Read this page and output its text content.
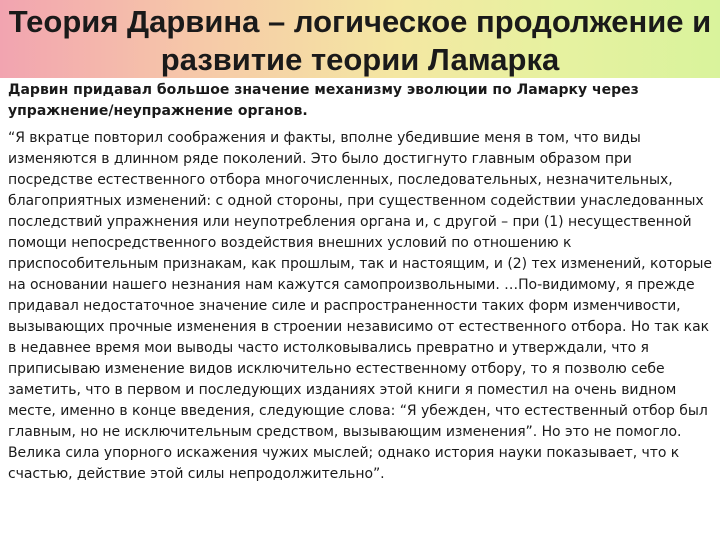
Теория Дарвина – логическое продолжение и развитие теории Ламарка

Дарвин придавал большое значение механизму эволюции по Ламарку через упражнение/неупражнение органов.

“Я вкратце повторил соображения и факты, вполне убедившие меня в том, что виды изменяются в длинном ряде поколений. Это было достигнуто главным образом при посредстве естественного отбора многочисленных, последовательных, незначительных, благоприятных изменений: с одной стороны, при существенном содействии унаследованных последствий упражнения или неупотребления органа и, с другой – при (1) несущественной помощи непосредственного воздействия внешних условий по отношению к приспособительным признакам, как прошлым, так и настоящим, и (2) тех изменений, которые на основании нашего незнания нам кажутся самопроизвольными. …По-видимому, я прежде придавал недостаточное значение силе и распространенности таких форм изменчивости, вызывающих прочные изменения в строении независимо от естественного отбора. Но так как в недавнее время мои выводы часто истолковывались превратно и утверждали, что я приписываю изменение видов исключительно естественному отбору, то я позволю себе заметить, что в первом и последующих изданиях этой книги я поместил на очень видном месте, именно в конце введения, следующие слова: “Я убежден, что естественный отбор был главным, но не исключительным средством, вызывающим изменения”. Но это не помогло. Велика сила упорного искажения чужих мыслей; однако история науки показывает, что к счастью, действие этой силы непродолжительно”.
